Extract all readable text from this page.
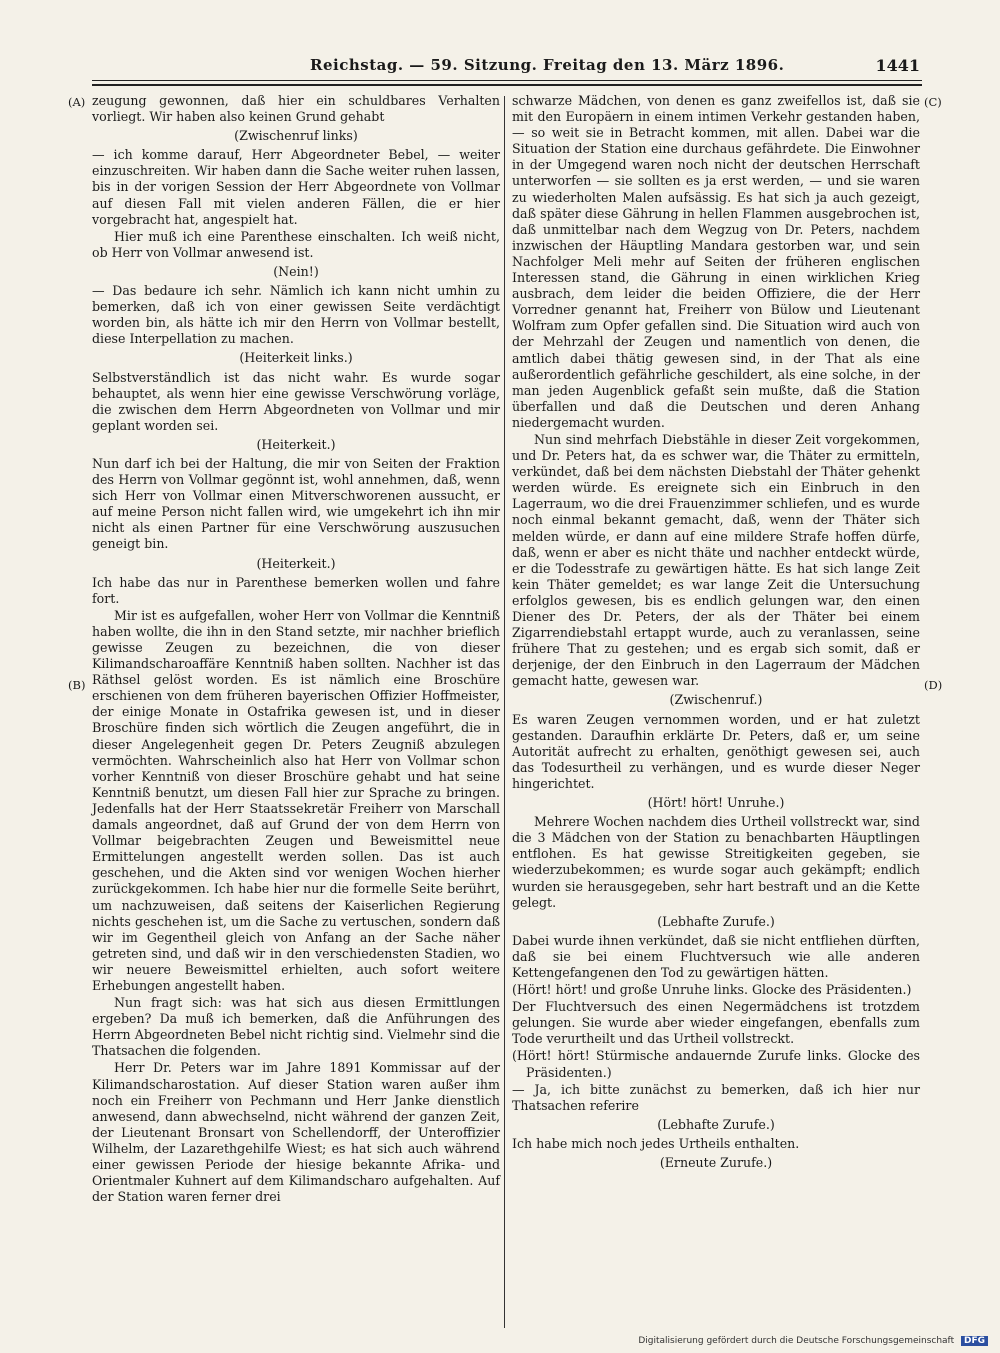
Reichstag. — 59. Sitzung. Freitag den 13. März 1896.	1441
(A)
(B)
(C)
(D)

zeugung gewonnen, daß hier ein schuldbares Verhalten vorliegt. Wir haben also keinen Grund gehabt

(Zwischenruf links)

— ich komme darauf, Herr Abgeordneter Bebel, — weiter einzuschreiten. Wir haben dann die Sache weiter ruhen lassen, bis in der vorigen Session der Herr Abgeordnete von Vollmar auf diesen Fall mit vielen anderen Fällen, die er hier vorgebracht hat, angespielt hat.

Hier muß ich eine Parenthese einschalten. Ich weiß nicht, ob Herr von Vollmar anwesend ist.

(Nein!)

— Das bedaure ich sehr. Nämlich ich kann nicht umhin zu bemerken, daß ich von einer gewissen Seite verdächtigt worden bin, als hätte ich mir den Herrn von Vollmar bestellt, diese Interpellation zu machen.

(Heiterkeit links.)

Selbstverständlich ist das nicht wahr. Es wurde sogar behauptet, als wenn hier eine gewisse Verschwörung vorläge, die zwischen dem Herrn Abgeordneten von Vollmar und mir geplant worden sei.

(Heiterkeit.)

Nun darf ich bei der Haltung, die mir von Seiten der Fraktion des Herrn von Vollmar gegönnt ist, wohl annehmen, daß, wenn sich Herr von Vollmar einen Mitverschworenen aussucht, er auf meine Person nicht fallen wird, wie umgekehrt ich ihn mir nicht als einen Partner für eine Verschwörung auszusuchen geneigt bin.

(Heiterkeit.)

Ich habe das nur in Parenthese bemerken wollen und fahre fort.

Mir ist es aufgefallen, woher Herr von Vollmar die Kenntniß haben wollte, die ihn in den Stand setzte, mir nachher brieflich gewisse Zeugen zu bezeichnen, die von dieser Kilimandscharoaffäre Kenntniß haben sollten. Nachher ist das Räthsel gelöst worden. Es ist nämlich eine Broschüre erschienen von dem früheren bayerischen Offizier Hoffmeister, der einige Monate in Ostafrika gewesen ist, und in dieser Broschüre finden sich wörtlich die Zeugen angeführt, die in dieser Angelegenheit gegen Dr. Peters Zeugniß abzulegen vermöchten. Wahrscheinlich also hat Herr von Vollmar schon vorher Kenntniß von dieser Broschüre gehabt und hat seine Kenntniß benutzt, um diesen Fall hier zur Sprache zu bringen. Jedenfalls hat der Herr Staatssekretär Freiherr von Marschall damals angeordnet, daß auf Grund der von dem Herrn von Vollmar beigebrachten Zeugen und Beweismittel neue Ermittelungen angestellt werden sollen. Das ist auch geschehen, und die Akten sind vor wenigen Wochen hierher zurückgekommen. Ich habe hier nur die formelle Seite berührt, um nachzuweisen, daß seitens der Kaiserlichen Regierung nichts geschehen ist, um die Sache zu vertuschen, sondern daß wir im Gegentheil gleich von Anfang an der Sache näher getreten sind, und daß wir in den verschiedensten Stadien, wo wir neuere Beweismittel erhielten, auch sofort weitere Erhebungen angestellt haben.

Nun fragt sich: was hat sich aus diesen Ermittlungen ergeben? Da muß ich bemerken, daß die Anführungen des Herrn Abgeordneten Bebel nicht richtig sind. Vielmehr sind die Thatsachen die folgenden.

Herr Dr. Peters war im Jahre 1891 Kommissar auf der Kilimandscharostation. Auf dieser Station waren außer ihm noch ein Freiherr von Pechmann und Herr Janke dienstlich anwesend, dann abwechselnd, nicht während der ganzen Zeit, der Lieutenant Bronsart von Schellendorff, der Unteroffizier Wilhelm, der Lazarethgehilfe Wiest; es hat sich auch während einer gewissen Periode der hiesige bekannte Afrika- und Orientmaler Kuhnert auf dem Kilimandscharo aufgehalten. Auf der Station waren ferner drei

schwarze Mädchen, von denen es ganz zweifellos ist, daß sie mit den Europäern in einem intimen Verkehr gestanden haben, — so weit sie in Betracht kommen, mit allen. Dabei war die Situation der Station eine durchaus gefährdete. Die Einwohner in der Umgegend waren noch nicht der deutschen Herrschaft unterworfen — sie sollten es ja erst werden, — und sie waren zu wiederholten Malen aufsässig. Es hat sich ja auch gezeigt, daß später diese Gährung in hellen Flammen ausgebrochen ist, daß unmittelbar nach dem Wegzug von Dr. Peters, nachdem inzwischen der Häuptling Mandara gestorben war, und sein Nachfolger Meli mehr auf Seiten der früheren englischen Interessen stand, die Gährung in einen wirklichen Krieg ausbrach, dem leider die beiden Offiziere, die der Herr Vorredner genannt hat, Freiherr von Bülow und Lieutenant Wolfram zum Opfer gefallen sind. Die Situation wird auch von der Mehrzahl der Zeugen und namentlich von denen, die amtlich dabei thätig gewesen sind, in der That als eine außerordentlich gefährliche geschildert, als eine solche, in der man jeden Augenblick gefaßt sein mußte, daß die Station überfallen und daß die Deutschen und deren Anhang niedergemacht wurden.

Nun sind mehrfach Diebstähle in dieser Zeit vorgekommen, und Dr. Peters hat, da es schwer war, die Thäter zu ermitteln, verkündet, daß bei dem nächsten Diebstahl der Thäter gehenkt werden würde. Es ereignete sich ein Einbruch in den Lagerraum, wo die drei Frauenzimmer schliefen, und es wurde noch einmal bekannt gemacht, daß, wenn der Thäter sich melden würde, er dann auf eine mildere Strafe hoffen dürfe, daß, wenn er aber es nicht thäte und nachher entdeckt würde, er die Todesstrafe zu gewärtigen hätte. Es hat sich lange Zeit kein Thäter gemeldet; es war lange Zeit die Untersuchung erfolglos gewesen, bis es endlich gelungen war, den einen Diener des Dr. Peters, der als der Thäter bei einem Zigarrendiebstahl ertappt wurde, auch zu veranlassen, seine frühere That zu gestehen; und es ergab sich somit, daß er derjenige, der den Einbruch in den Lagerraum der Mädchen gemacht hatte, gewesen war.

(Zwischenruf.)

Es waren Zeugen vernommen worden, und er hat zuletzt gestanden. Daraufhin erklärte Dr. Peters, daß er, um seine Autorität aufrecht zu erhalten, genöthigt gewesen sei, auch das Todesurtheil zu verhängen, und es wurde dieser Neger hingerichtet.

(Hört! hört! Unruhe.)

Mehrere Wochen nachdem dies Urtheil vollstreckt war, sind die 3 Mädchen von der Station zu benachbarten Häuptlingen entflohen. Es hat gewisse Streitigkeiten gegeben, sie wiederzubekommen; es wurde sogar auch gekämpft; endlich wurden sie herausgegeben, sehr hart bestraft und an die Kette gelegt.

(Lebhafte Zurufe.)

Dabei wurde ihnen verkündet, daß sie nicht entfliehen dürften, daß sie bei einem Fluchtversuch wie alle anderen Kettengefangenen den Tod zu gewärtigen hätten.

(Hört! hört! und große Unruhe links. Glocke des Präsidenten.)

Der Fluchtversuch des einen Negermädchens ist trotzdem gelungen. Sie wurde aber wieder eingefangen, ebenfalls zum Tode verurtheilt und das Urtheil vollstreckt.

(Hört! hört! Stürmische andauernde Zurufe links. Glocke des Präsidenten.)

— Ja, ich bitte zunächst zu bemerken, daß ich hier nur Thatsachen referire

(Lebhafte Zurufe.)

Ich habe mich noch jedes Urtheils enthalten.

(Erneute Zurufe.)

Digitalisierung gefördert durch die Deutsche Forschungsgemeinschaft DFG
